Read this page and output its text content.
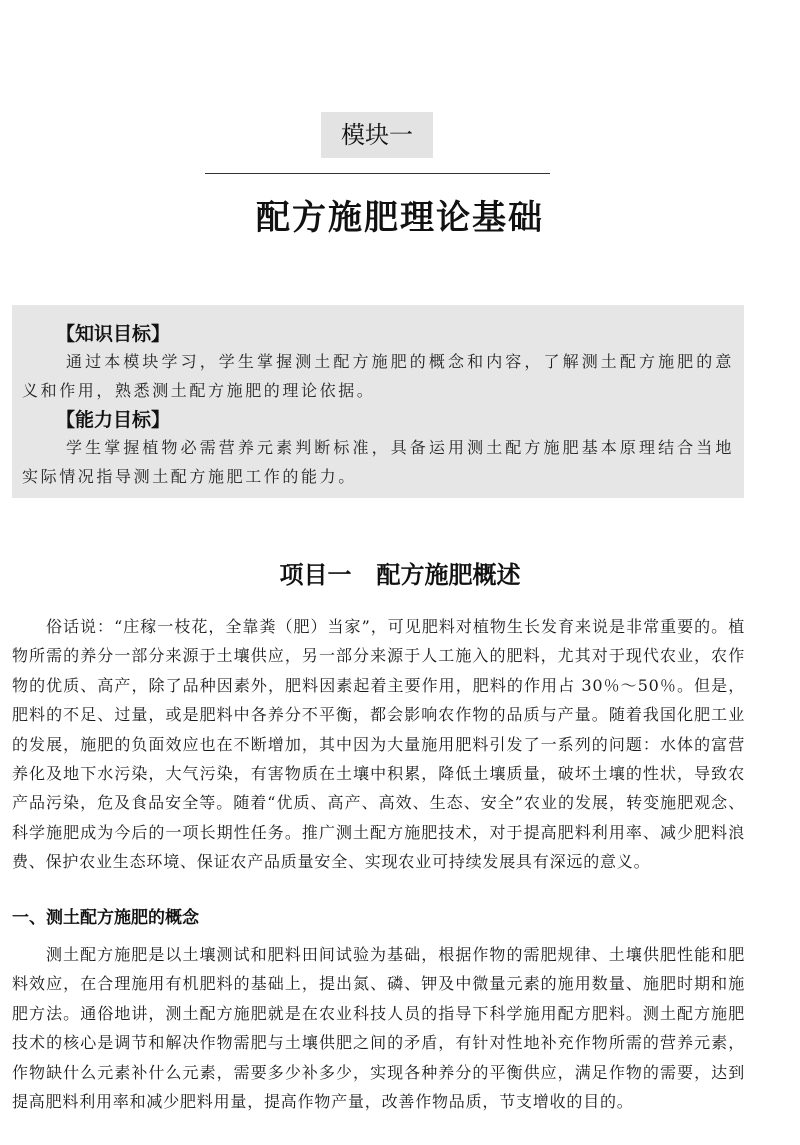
模块一
配方施肥理论基础
【知识目标】

通过本模块学习，学生掌握测土配方施肥的概念和内容，了解测土配方施肥的意义和作用，熟悉测土配方施肥的理论依据。

【能力目标】

学生掌握植物必需营养元素判断标准，具备运用测土配方施肥基本原理结合当地实际情况指导测土配方施肥工作的能力。

项目一   配方施肥概述

俗话说：“庄稼一枝花，全靠粪（肥）当家”，可见肥料对植物生长发育来说是非常重要的。植物所需的养分一部分来源于土壤供应，另一部分来源于人工施入的肥料，尤其对于现代农业，农作物的优质、高产，除了品种因素外，肥料因素起着主要作用，肥料的作用占 30％～50％。但是，肥料的不足、过量，或是肥料中各养分不平衡，都会影响农作物的品质与产量。随着我国化肥工业的发展，施肥的负面效应也在不断增加，其中因为大量施用肥料引发了一系列的问题：水体的富营养化及地下水污染，大气污染，有害物质在土壤中积累，降低土壤质量，破坏土壤的性状，导致农产品污染，危及食品安全等。随着“优质、高产、高效、生态、安全”农业的发展，转变施肥观念、科学施肥成为今后的一项长期性任务。推广测土配方施肥技术，对于提高肥料利用率、减少肥料浪费、保护农业生态环境、保证农产品质量安全、实现农业可持续发展具有深远的意义。

一、测土配方施肥的概念

测土配方施肥是以土壤测试和肥料田间试验为基础，根据作物的需肥规律、土壤供肥性能和肥料效应，在合理施用有机肥料的基础上，提出氮、磷、钾及中微量元素的施用数量、施肥时期和施肥方法。通俗地讲，测土配方施肥就是在农业科技人员的指导下科学施用配方肥料。测土配方施肥技术的核心是调节和解决作物需肥与土壤供肥之间的矛盾，有针对性地补充作物所需的营养元素，作物缺什么元素补什么元素，需要多少补多少，实现各种养分的平衡供应，满足作物的需要，达到提高肥料利用率和减少肥料用量，提高作物产量，改善作物品质，节支增收的目的。
